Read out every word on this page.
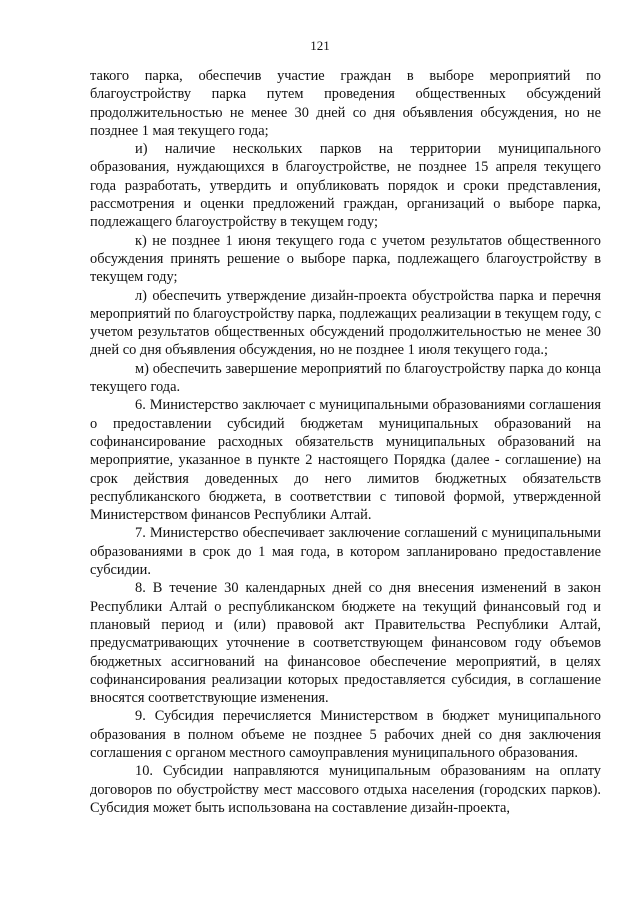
121

такого парка, обеспечив участие граждан в выборе мероприятий по благоустройству парка путем проведения общественных обсуждений продолжительностью не менее 30 дней со дня объявления обсуждения, но не позднее 1 мая текущего года;

и) наличие нескольких парков на территории муниципального образования, нуждающихся в благоустройстве, не позднее 15 апреля текущего года разработать, утвердить и опубликовать порядок и сроки представления, рассмотрения и оценки предложений граждан, организаций о выборе парка, подлежащего благоустройству в текущем году;

к) не позднее 1 июня текущего года с учетом результатов общественного обсуждения принять решение о выборе парка, подлежащего благоустройству в текущем году;

л) обеспечить утверждение дизайн-проекта обустройства парка и перечня мероприятий по благоустройству парка, подлежащих реализации в текущем году, с учетом результатов общественных обсуждений продолжительностью не менее 30 дней со дня объявления обсуждения, но не позднее 1 июля текущего года.;

м) обеспечить завершение мероприятий по благоустройству парка до конца текущего года.

6. Министерство заключает с муниципальными образованиями соглашения о предоставлении субсидий бюджетам муниципальных образований на софинансирование расходных обязательств муниципальных образований на мероприятие, указанное в пункте 2 настоящего Порядка (далее - соглашение) на срок действия доведенных до него лимитов бюджетных обязательств республиканского бюджета, в соответствии с типовой формой, утвержденной Министерством финансов Республики Алтай.

7. Министерство обеспечивает заключение соглашений с муниципальными образованиями в срок до 1 мая года, в котором запланировано предоставление субсидии.

8. В течение 30 календарных дней со дня внесения изменений в закон Республики Алтай о республиканском бюджете на текущий финансовый год и плановый период и (или) правовой акт Правительства Республики Алтай, предусматривающих уточнение в соответствующем финансовом году объемов бюджетных ассигнований на финансовое обеспечение мероприятий, в целях софинансирования реализации которых предоставляется субсидия, в соглашение вносятся соответствующие изменения.

9. Субсидия перечисляется Министерством в бюджет муниципального образования в полном объеме не позднее 5 рабочих дней со дня заключения соглашения с органом местного самоуправления муниципального образования.

10. Субсидии направляются муниципальным образованиям на оплату договоров по обустройству мест массового отдыха населения (городских парков). Субсидия может быть использована на составление дизайн-проекта,
